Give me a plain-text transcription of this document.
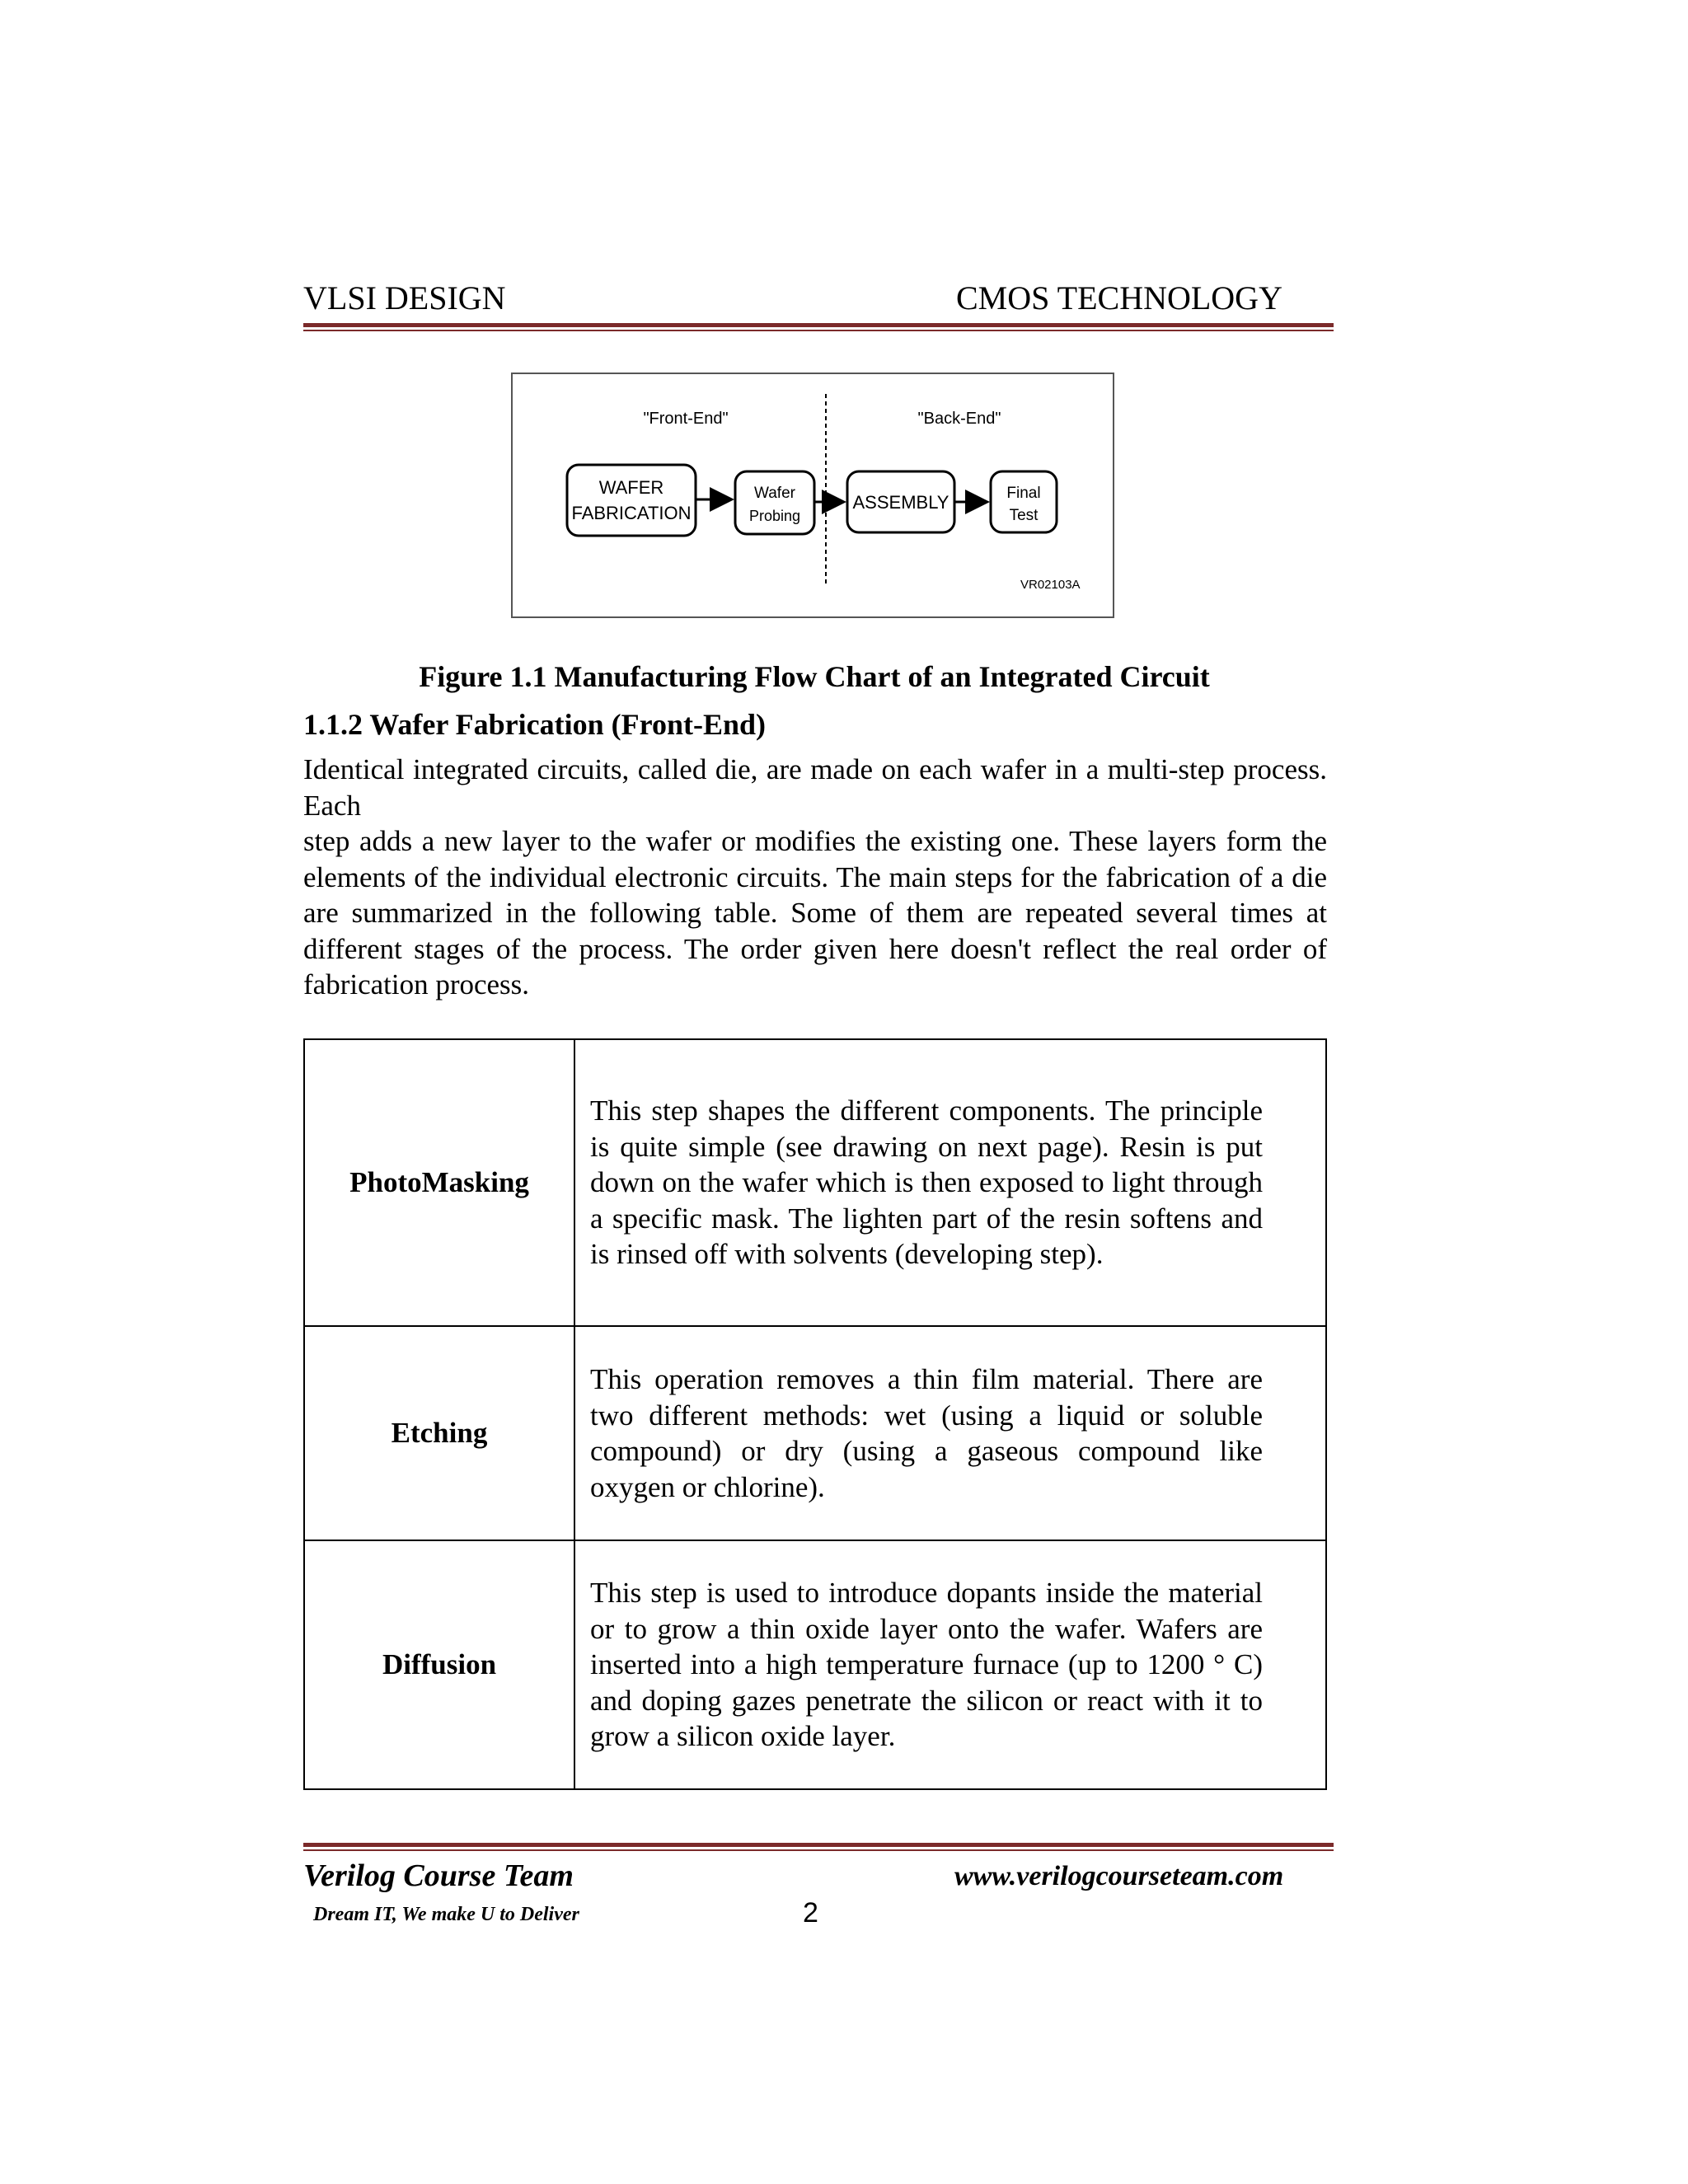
VLSI DESIGN	CMOS TECHNOLOGY
"Front-End"	"Back-End"
WAFER
FABRICATION
Wafer
Probing
ASSEMBLY	Final
Test
VR02103A
Figure 1.1 Manufacturing Flow Chart of an Integrated Circuit
1.1.2 Wafer Fabrication (Front-End)
Identical integrated circuits, called die, are made on each wafer in a multi-step process. Each
step adds a new layer to the wafer or modifies the existing one. These layers form the elements of the individual electronic circuits. The main steps for the fabrication of a die are summarized in the following table. Some of them are repeated several times at different stages of the process. The order given here doesn't reflect the real order of fabrication process.
PhotoMasking	This step shapes the different components. The principle is quite simple (see drawing on next page). Resin is put down on the wafer which is then exposed to light through a specific mask. The lighten part of the resin softens and is rinsed off with solvents (developing step).
Etching	This operation removes a thin film material. There are two different methods: wet (using a liquid or soluble compound) or dry (using a gaseous compound like oxygen or chlorine).
Diffusion	This step is used to introduce dopants inside the material or to grow a thin oxide layer onto the wafer. Wafers are inserted into a high temperature furnace (up to 1200 ° C) and doping gazes penetrate the silicon or react with it to grow a silicon oxide layer.
Verilog Course Team	www.verilogcourseteam.com
Dream IT, We make U to Deliver	2
